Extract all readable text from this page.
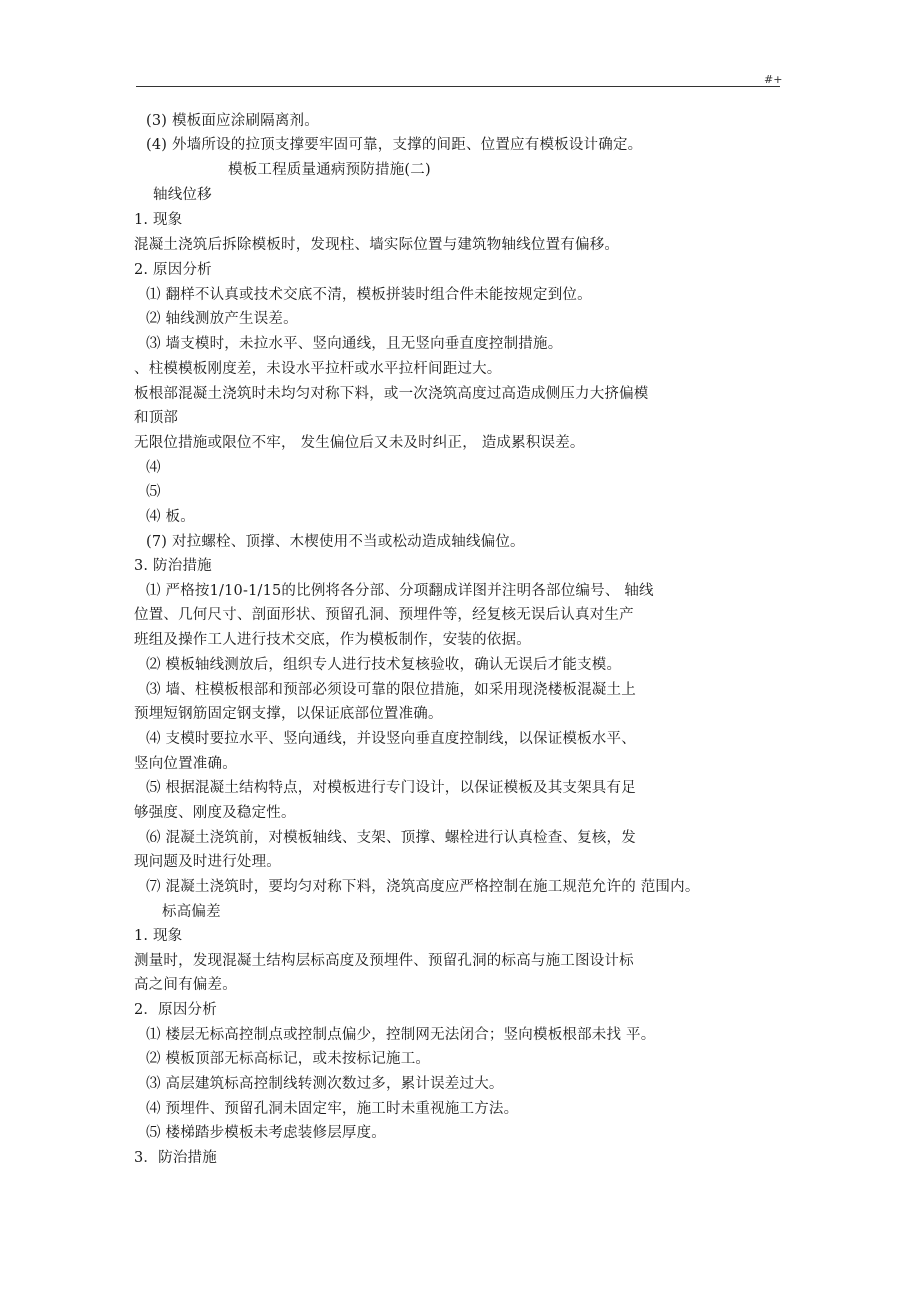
#+
(3) 模板面应涂刷隔离剂。
(4) 外墙所设的拉顶支撑要牢固可靠，支撑的间距、位置应有模板设计确定。
模板工程质量通病预防措施(二)
轴线位移
1. 现象
混凝土浇筑后拆除模板时，发现柱、墙实际位置与建筑物轴线位置有偏移。
2. 原因分析
⑴ 翻样不认真或技术交底不清，模板拼装时组合件未能按规定到位。
⑵ 轴线测放产生误差。
⑶ 墙支模时，未拉水平、竖向通线，且无竖向垂直度控制措施。
、柱模模板刚度差，未设水平拉杆或水平拉杆间距过大。
板根部混凝土浇筑时未均匀对称下料，或一次浇筑高度过高造成侧压力大挤偏模
和顶部
无限位措施或限位不牢， 发生偏位后又未及时纠正， 造成累积误差。
⑷
⑸
⑷ 板。
(7) 对拉螺栓、顶撑、木楔使用不当或松动造成轴线偏位。
3. 防治措施
⑴ 严格按1/10-1/15的比例将各分部、分项翻成详图并注明各部位编号、 轴线
位置、几何尺寸、剖面形状、预留孔洞、预埋件等，经复核无误后认真对生产
班组及操作工人进行技术交底，作为模板制作，安装的依据。
⑵ 模板轴线测放后，组织专人进行技术复核验收，确认无误后才能支模。
⑶ 墙、柱模板根部和预部必须设可靠的限位措施，如采用现浇楼板混凝土上
预埋短钢筋固定钢支撑，以保证底部位置准确。
⑷ 支模时要拉水平、竖向通线，并设竖向垂直度控制线，以保证模板水平、
竖向位置准确。
⑸ 根据混凝土结构特点，对模板进行专门设计，以保证模板及其支架具有足
够强度、刚度及稳定性。
⑹ 混凝土浇筑前，对模板轴线、支架、顶撑、螺栓进行认真检查、复核，发
现问题及时进行处理。
⑺ 混凝土浇筑时，要均匀对称下料，浇筑高度应严格控制在施工规范允许的 范围内。
标高偏差
1. 现象
测量时，发现混凝土结构层标高度及预埋件、预留孔洞的标高与施工图设计标
高之间有偏差。
2．原因分析
⑴ 楼层无标高控制点或控制点偏少，控制网无法闭合；竖向模板根部未找 平。
⑵ 模板顶部无标高标记，或未按标记施工。
⑶ 高层建筑标高控制线转测次数过多，累计误差过大。
⑷ 预埋件、预留孔洞未固定牢，施工时未重视施工方法。
⑸ 楼梯踏步模板未考虑装修层厚度。
3．防治措施
